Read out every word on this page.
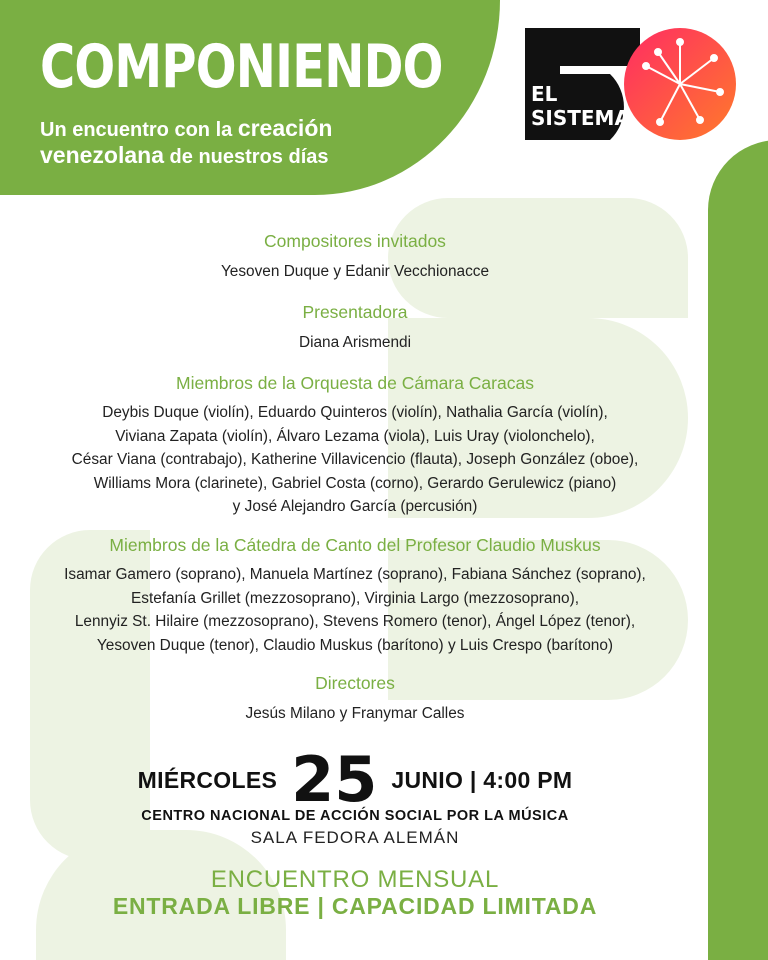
COMPONIENDO

Un encuentro con la creación venezolana de nuestros días

EL
SISTEMA

Compositores invitados

Yesoven Duque y Edanir Vecchionacce

Presentadora

Diana Arismendi

Miembros de la Orquesta de Cámara Caracas

Deybis Duque (violín), Eduardo Quinteros (violín), Nathalia García (violín),
Viviana Zapata (violín), Álvaro Lezama (viola), Luis Uray (violonchelo),
César Viana (contrabajo), Katherine Villavicencio (flauta), Joseph González (oboe),
Williams Mora (clarinete), Gabriel Costa (corno), Gerardo Gerulewicz (piano)
y José Alejandro García (percusión)

Miembros de la Cátedra de Canto del Profesor Claudio Muskus

Isamar Gamero (soprano), Manuela Martínez (soprano), Fabiana Sánchez (soprano),
Estefanía Grillet (mezzosoprano), Virginia Largo (mezzosoprano),
Lennyiz St. Hilaire (mezzosoprano), Stevens Romero (tenor), Ángel López (tenor),
Yesoven Duque (tenor), Claudio Muskus (barítono) y Luis Crespo (barítono)

Directores

Jesús Milano y Franymar Calles

MIÉRCOLES 25 JUNIO | 4:00 PM

CENTRO NACIONAL DE ACCIÓN SOCIAL POR LA MÚSICA

SALA FEDORA ALEMÁN

ENCUENTRO MENSUAL

ENTRADA LIBRE | CAPACIDAD LIMITADA
